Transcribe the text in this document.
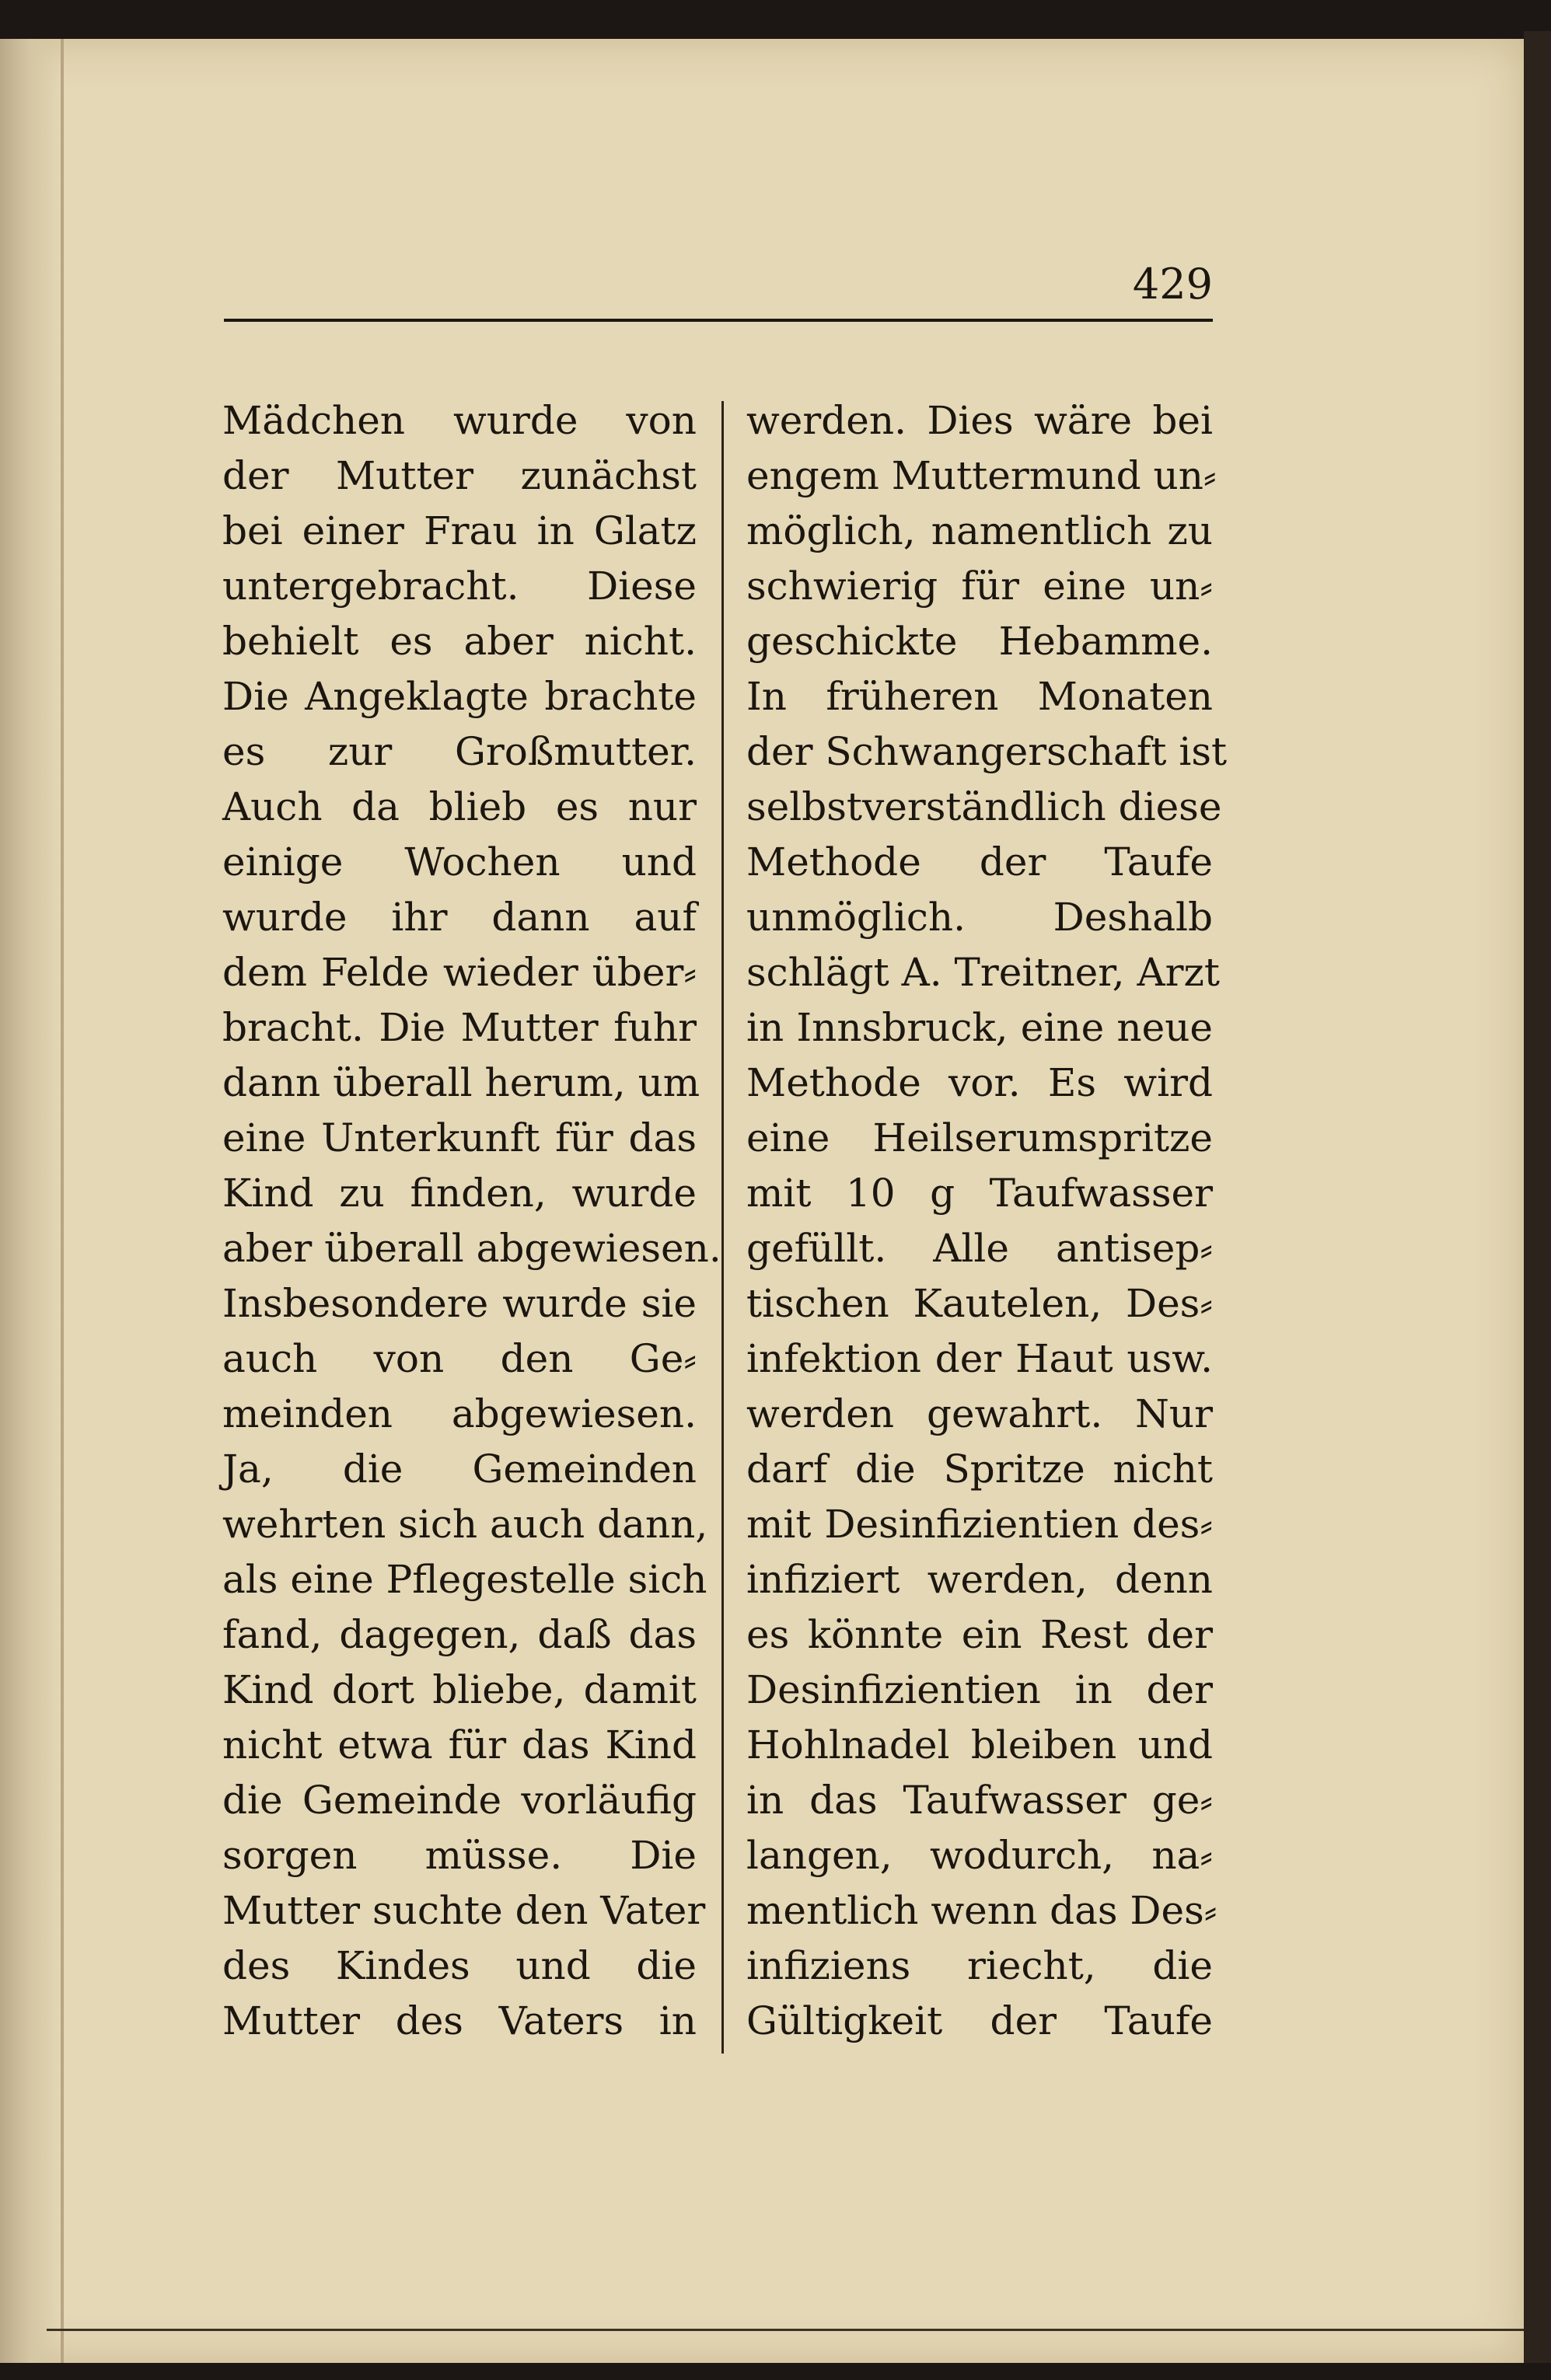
429
Mädchen wurde von
der Mutter zunächst
bei einer Frau in Glatz
untergebracht. Diese
behielt es aber nicht.
Die Angeklagte brachte
es zur Großmutter.
Auch da blieb es nur
einige Wochen und
wurde ihr dann auf
dem Felde wieder über⸗
bracht. Die Mutter fuhr
dann überall herum, um
eine Unterkunft für das
Kind zu finden, wurde
aber überall abgewiesen.
Insbesondere wurde sie
auch von den Ge⸗
meinden abgewiesen.
Ja, die Gemeinden
wehrten sich auch dann,
als eine Pflegestelle sich
fand, dagegen, daß das
Kind dort bliebe, damit
nicht etwa für das Kind
die Gemeinde vorläufig
sorgen müsse. Die
Mutter suchte den Vater
des Kindes und die
Mutter des Vaters in
werden. Dies wäre bei
engem Muttermund un⸗
möglich, namentlich zu
schwierig für eine un⸗
geschickte Hebamme.
In früheren Monaten
der Schwangerschaft ist
selbstverständlich diese
Methode der Taufe
unmöglich. Deshalb
schlägt A. Treitner, Arzt
in Innsbruck, eine neue
Methode vor. Es wird
eine Heilserumspritze
mit 10 g Taufwasser
gefüllt. Alle antisep⸗
tischen Kautelen, Des⸗
infektion der Haut usw.
werden gewahrt. Nur
darf die Spritze nicht
mit Desinfizientien des⸗
infiziert werden, denn
es könnte ein Rest der
Desinfizientien in der
Hohlnadel bleiben und
in das Taufwasser ge⸗
langen, wodurch, na⸗
mentlich wenn das Des⸗
infiziens riecht, die
Gültigkeit der Taufe
